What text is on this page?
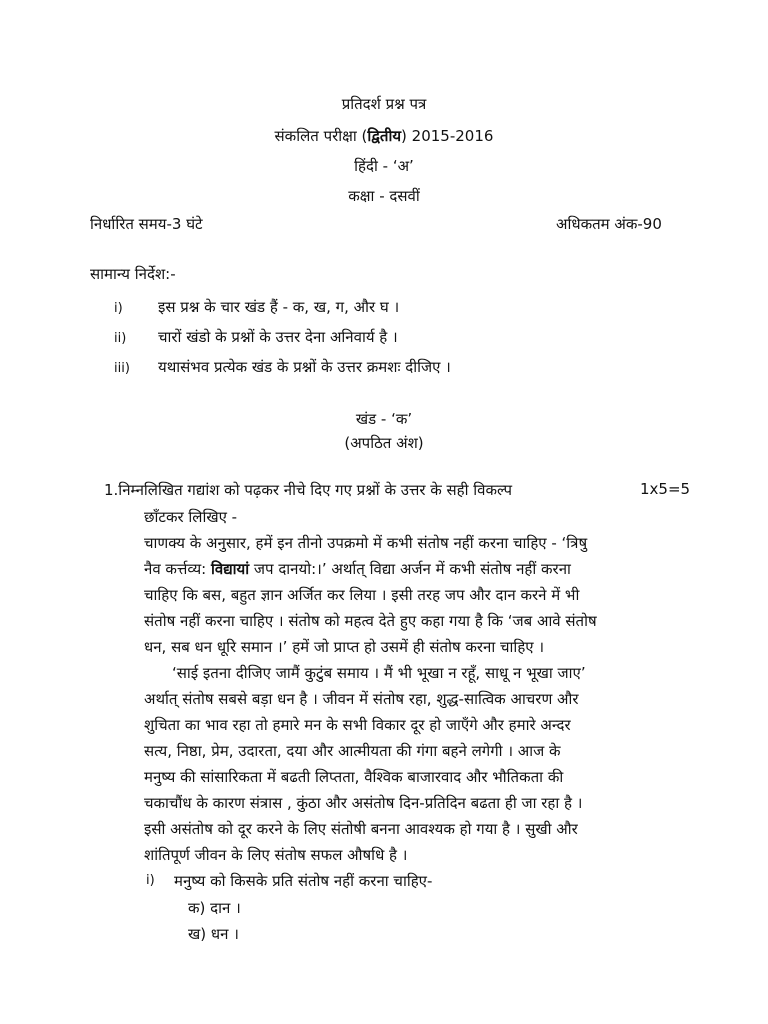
प्रतिदर्श प्रश्न पत्र
संकलित परीक्षा (द्वितीय) 2015-2016
हिंदी - ‘अ’
कक्षा - दसवीं
निर्धारित समय-3 घंटे	अधिकतम अंक-90
सामान्य निर्देश:-
i) इस प्रश्न के चार खंड हैं - क, ख, ग, और घ ।
ii) चारों खंडो के प्रश्नों के उत्तर देना अनिवार्य है ।
iii) यथासंभव प्रत्येक खंड के प्रश्नों के उत्तर क्रमशः दीजिए ।
खंड - ‘क’
(अपठित अंश)
1.निम्नलिखित गद्यांश को पढ़कर नीचे दिए गए प्रश्नों के उत्तर के सही विकल्प	1x5=5
छाँटकर लिखिए -
चाणक्य के अनुसार, हमें इन तीनो उपक्रमो में कभी संतोष नहीं करना चाहिए - ‘त्रिषु
नैव कर्त्तव्य: विद्यायां जप दानयो:।’ अर्थात् विद्या अर्जन में कभी संतोष नहीं करना
चाहिए कि बस, बहुत ज्ञान अर्जित कर लिया । इसी तरह जप और दान करने में भी
संतोष नहीं करना चाहिए । संतोष को महत्व देते हुए कहा गया है कि ‘जब आवे संतोष
धन, सब धन धूरि समान ।’ हमें जो प्राप्त हो उसमें ही संतोष करना चाहिए ।
‘साई इतना दीजिए जामैं कुटुंब समाय । मैं भी भूखा न रहूँ, साधू न भूखा जाए’
अर्थात् संतोष सबसे बड़ा धन है । जीवन में संतोष रहा, शुद्ध-सात्विक आचरण और
शुचिता का भाव रहा तो हमारे मन के सभी विकार दूर हो जाएँगे और हमारे अन्दर
सत्य, निष्ठा, प्रेम, उदारता, दया और आत्मीयता की गंगा बहने लगेगी । आज के
मनुष्य की सांसारिकता में बढती लिप्तता, वैश्विक बाजारवाद और भौतिकता की
चकाचौंध के कारण संत्रास , कुंठा और असंतोष दिन-प्रतिदिन बढता ही जा रहा है ।
इसी असंतोष को दूर करने के लिए संतोषी बनना आवश्यक हो गया है । सुखी और
शांतिपूर्ण जीवन के लिए संतोष सफल औषधि है ।
i) मनुष्य को किसके प्रति संतोष नहीं करना चाहिए-
क) दान ।
ख) धन ।
